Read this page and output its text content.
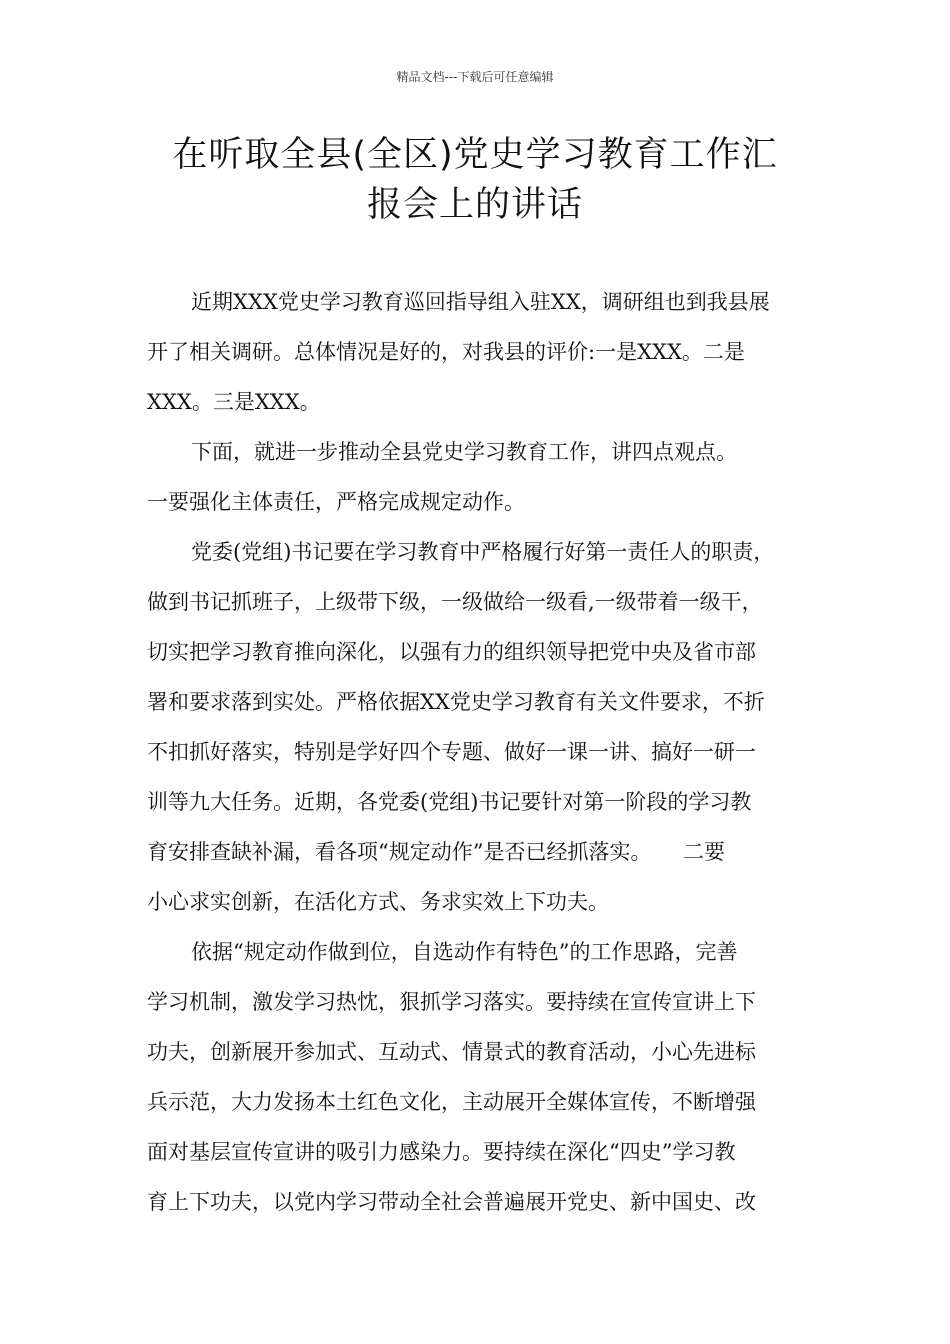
精品文档---下载后可任意编辑
在听取全县(全区)党史学习教育工作汇
报会上的讲话
近期XXX党史学习教育巡回指导组入驻XX，调研组也到我县展
开了相关调研。总体情况是好的，对我县的评价:一是XXX。二是
XXX。三是XXX。
下面，就进一步推动全县党史学习教育工作，讲四点观点。
一要强化主体责任，严格完成规定动作。
党委(党组)书记要在学习教育中严格履行好第一责任人的职责，
做到书记抓班子，上级带下级，一级做给一级看,一级带着一级干，
切实把学习教育推向深化，以强有力的组织领导把党中央及省市部
署和要求落到实处。严格依据XX党史学习教育有关文件要求，不折
不扣抓好落实，特别是学好四个专题、做好一课一讲、搞好一研一
训等九大任务。近期，各党委(党组)书记要针对第一阶段的学习教
育安排查缺补漏，看各项“规定动作”是否已经抓落实。　　二要
小心求实创新，在活化方式、务求实效上下功夫。
依据“规定动作做到位，自选动作有特色”的工作思路，完善
学习机制，激发学习热忱，狠抓学习落实。要持续在宣传宣讲上下
功夫，创新展开参加式、互动式、情景式的教育活动，小心先进标
兵示范，大力发扬本土红色文化，主动展开全媒体宣传，不断增强
面对基层宣传宣讲的吸引力感染力。要持续在深化“四史”学习教
育上下功夫，以党内学习带动全社会普遍展开党史、新中国史、改
